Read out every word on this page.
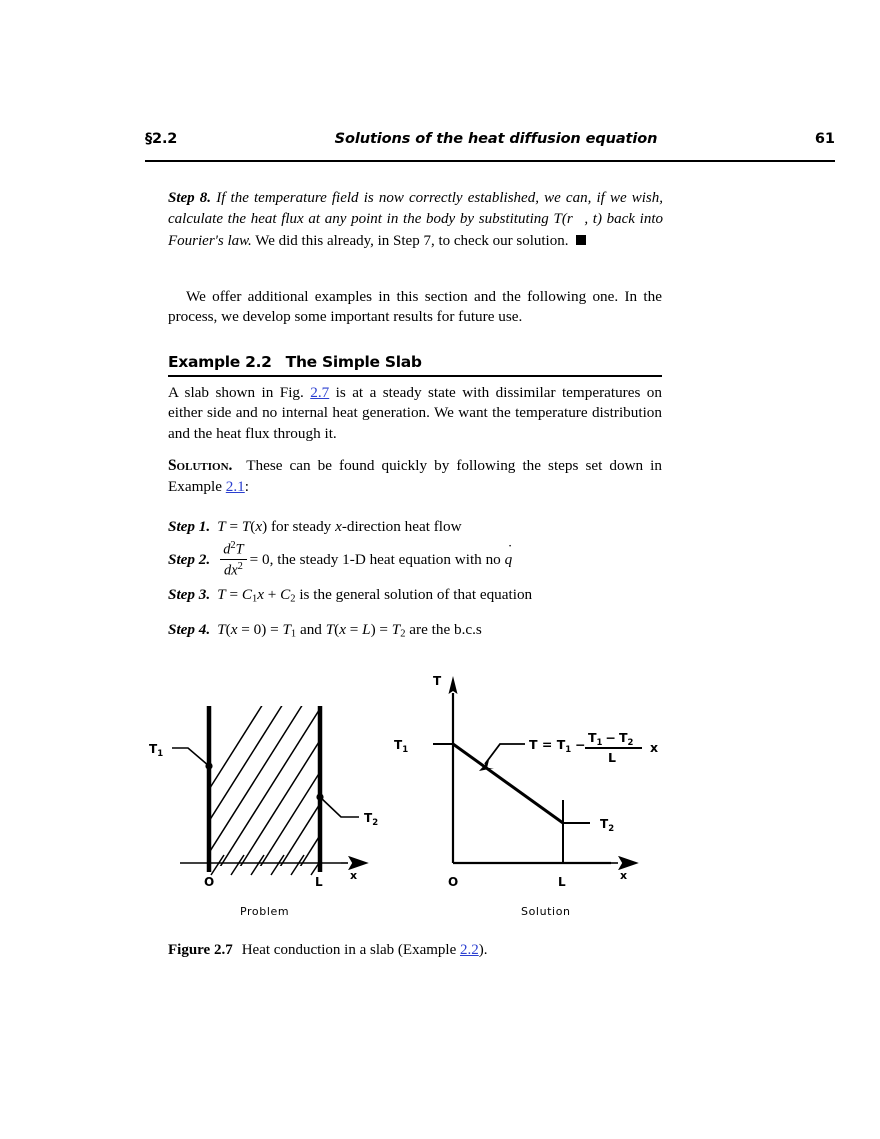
§2.2	Solutions of the heat diffusion equation	61
Step 8. If the temperature field is now correctly established, we can, if we wish, calculate the heat flux at any point in the body by substituting T(r⃗, t) back into Fourier's law. We did this already, in Step 7, to check our solution.
We offer additional examples in this section and the following one. In the process, we develop some important results for future use.
Example 2.2 The Simple Slab
A slab shown in Fig. 2.7 is at a steady state with dissimilar temperatures on either side and no internal heat generation. We want the temperature distribution and the heat flux through it.
Solution. These can be found quickly by following the steps set down in Example 2.1:
Step 1. T = T(x) for steady x-direction heat flow
Step 2. $\frac{d^2T}{dx^2} = 0$, the steady 1-D heat equation with no q ˙
Step 3. $T = C_1x + C_2$ is the general solution of that equation
Step 4. $T(x = 0) = T_1$ and $T(x = L) = T_2$ are the b.c.s
$T_1$
$T_2$
O	L x
$T_1$
$T_2$
T
O	L	x
$T = T_1 - T_1 - T_2$
L
x
Problem	Solution
Figure 2.7 Heat conduction in a slab (Example 2.2).
